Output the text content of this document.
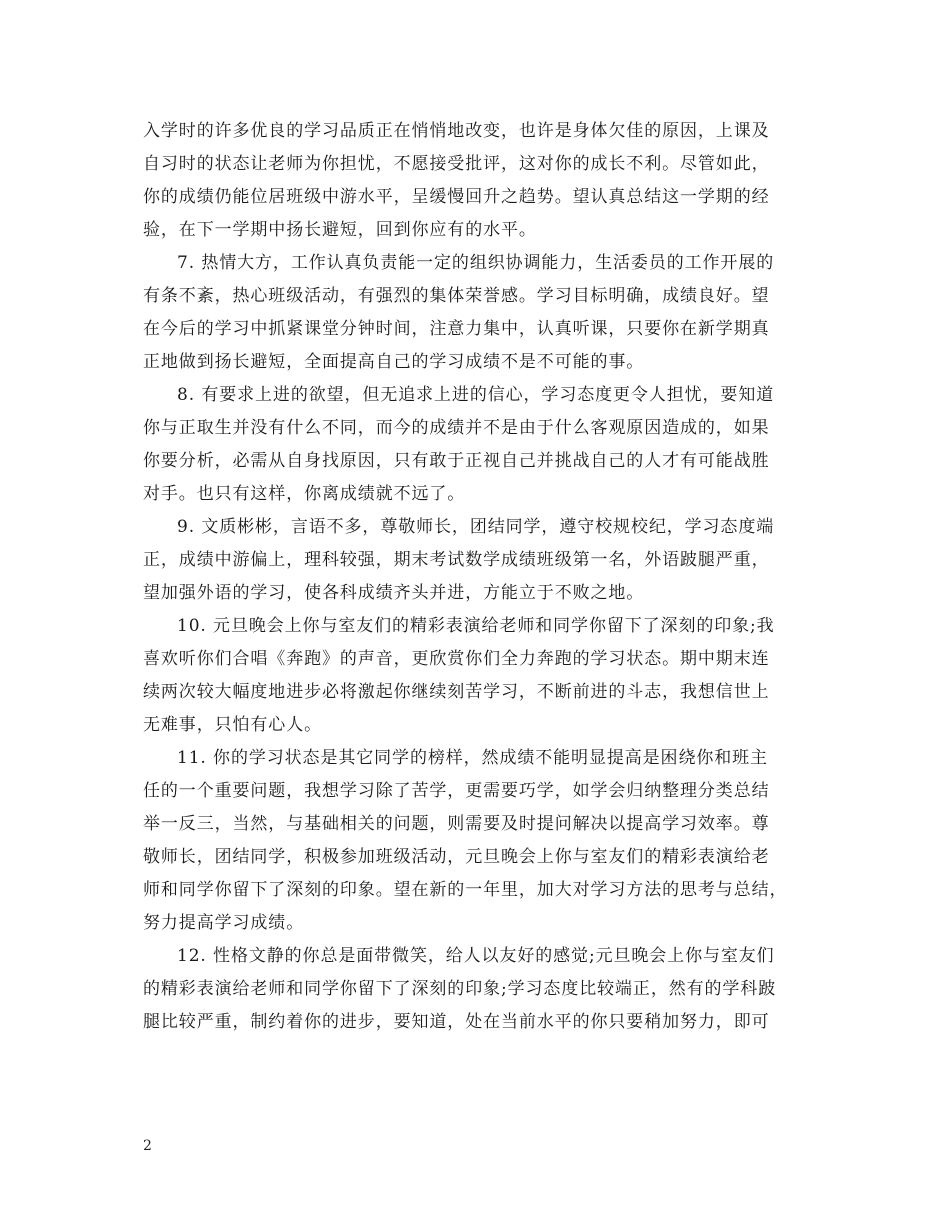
入学时的许多优良的学习品质正在悄悄地改变，也许是身体欠佳的原因，上课及
自习时的状态让老师为你担忧，不愿接受批评，这对你的成长不利。尽管如此，
你的成绩仍能位居班级中游水平，呈缓慢回升之趋势。望认真总结这一学期的经
验，在下一学期中扬长避短，回到你应有的水平。
7. 热情大方，工作认真负责能一定的组织协调能力，生活委员的工作开展的
有条不紊，热心班级活动，有强烈的集体荣誉感。学习目标明确，成绩良好。望
在今后的学习中抓紧课堂分钟时间，注意力集中，认真听课，只要你在新学期真
正地做到扬长避短，全面提高自己的学习成绩不是不可能的事。
8. 有要求上进的欲望，但无追求上进的信心，学习态度更令人担忧，要知道
你与正取生并没有什么不同，而今的成绩并不是由于什么客观原因造成的，如果
你要分析，必需从自身找原因，只有敢于正视自己并挑战自己的人才有可能战胜
对手。也只有这样，你离成绩就不远了。
9. 文质彬彬，言语不多，尊敬师长，团结同学，遵守校规校纪，学习态度端
正，成绩中游偏上，理科较强，期末考试数学成绩班级第一名，外语跛腿严重，
望加强外语的学习，使各科成绩齐头并进，方能立于不败之地。
10. 元旦晚会上你与室友们的精彩表演给老师和同学你留下了深刻的印象;我
喜欢听你们合唱《奔跑》的声音，更欣赏你们全力奔跑的学习状态。期中期末连
续两次较大幅度地进步必将激起你继续刻苦学习，不断前进的斗志，我想信世上
无难事，只怕有心人。
11. 你的学习状态是其它同学的榜样，然成绩不能明显提高是困绕你和班主
任的一个重要问题，我想学习除了苦学，更需要巧学，如学会归纳整理分类总结
举一反三，当然，与基础相关的问题，则需要及时提问解决以提高学习效率。尊
敬师长，团结同学，积极参加班级活动，元旦晚会上你与室友们的精彩表演给老
师和同学你留下了深刻的印象。望在新的一年里，加大对学习方法的思考与总结，
努力提高学习成绩。
12. 性格文静的你总是面带微笑，给人以友好的感觉;元旦晚会上你与室友们
的精彩表演给老师和同学你留下了深刻的印象;学习态度比较端正，然有的学科跛
腿比较严重，制约着你的进步，要知道，处在当前水平的你只要稍加努力，即可
2
